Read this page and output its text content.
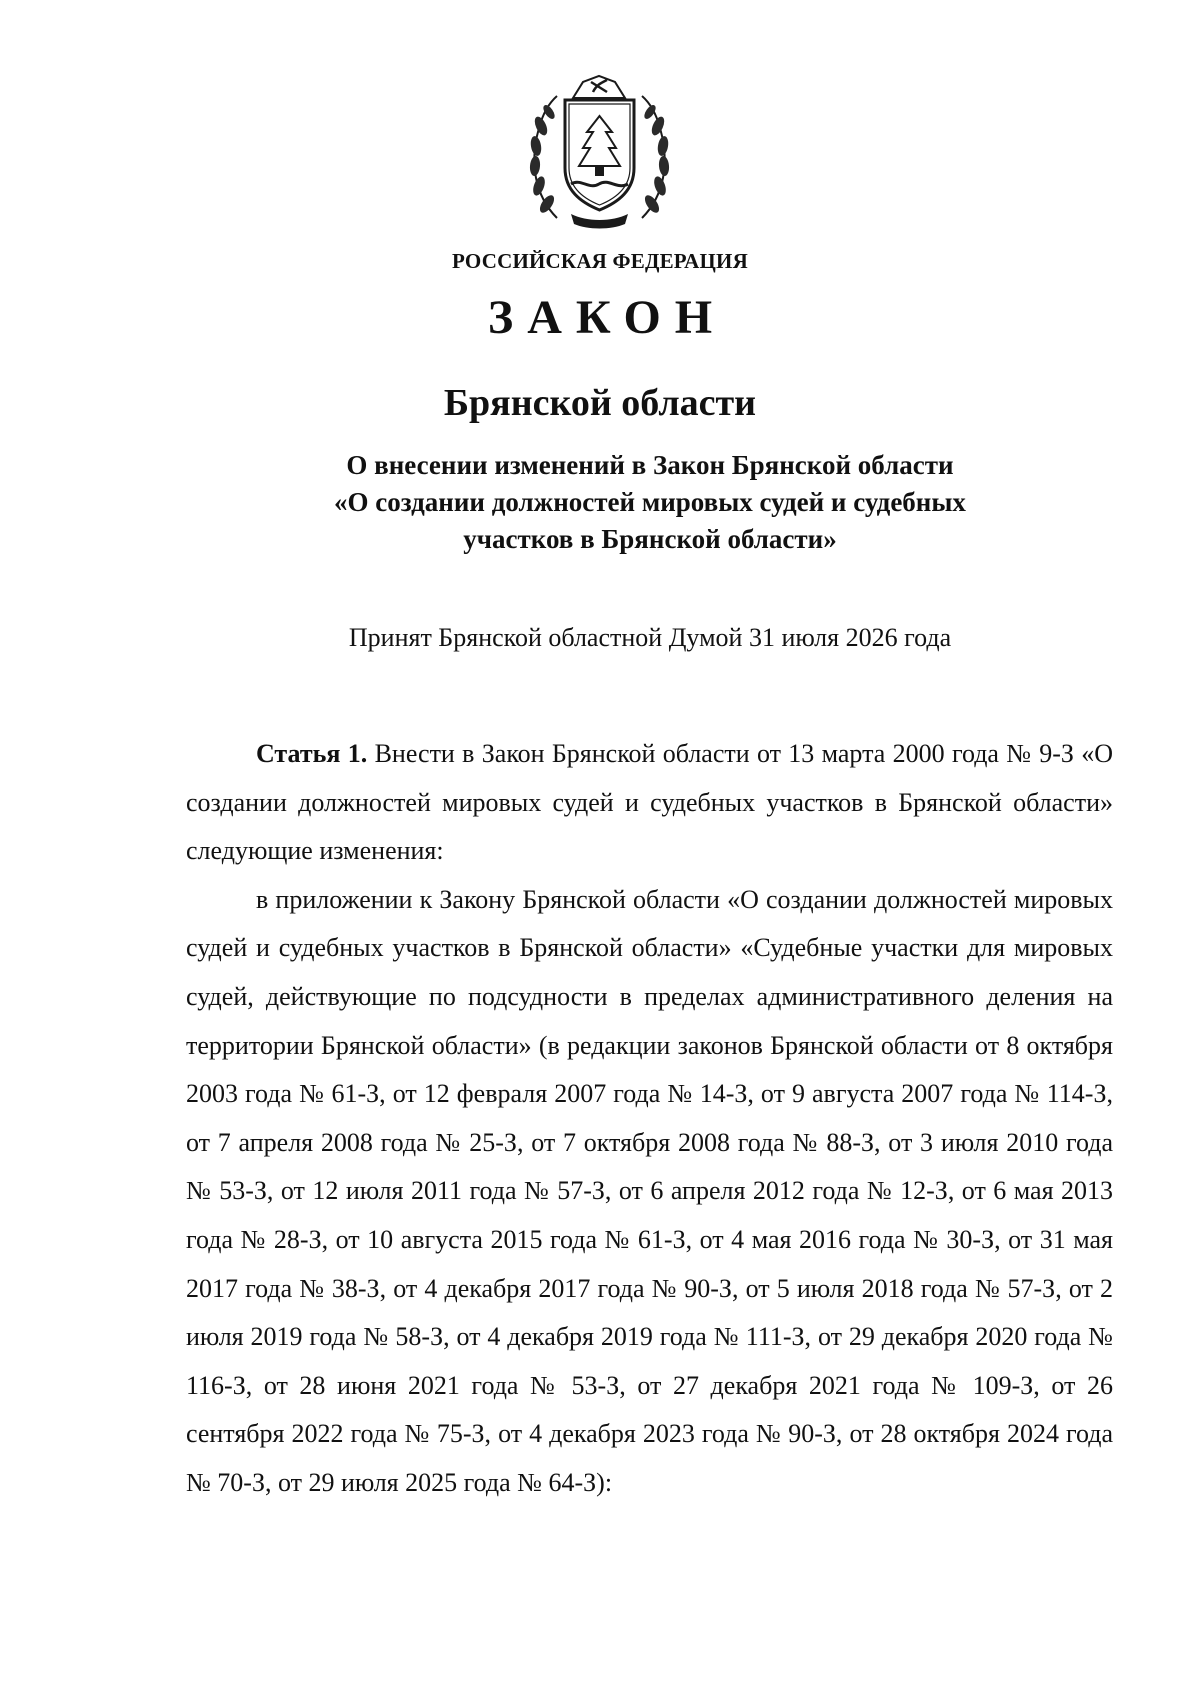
РОССИЙСКАЯ ФЕДЕРАЦИЯ
ЗАКОН
Брянской области
О внесении изменений в Закон Брянской области
«О создании должностей мировых судей и судебных
участков в Брянской области»
Принят Брянской областной Думой 31 июля 2026 года

Статья 1. Внести в Закон Брянской области от 13 марта 2000 года № 9-З «О создании должностей мировых судей и судебных участков в Брянской области» следующие изменения:

в приложении к Закону Брянской области «О создании должностей мировых судей и судебных участков в Брянской области» «Судебные участки для мировых судей, действующие по подсудности в пределах административного деления на территории Брянской области» (в редакции законов Брянской области от 8 октября 2003 года № 61-З, от 12 февраля 2007 года № 14-З, от 9 августа 2007 года № 114-З, от 7 апреля 2008 года № 25-З, от 7 октября 2008 года № 88-З, от 3 июля 2010 года № 53-З, от 12 июля 2011 года № 57-З, от 6 апреля 2012 года № 12-З, от 6 мая 2013 года № 28-З, от 10 августа 2015 года № 61-З, от 4 мая 2016 года № 30-З, от 31 мая 2017 года № 38-З, от 4 декабря 2017 года № 90-З, от 5 июля 2018 года № 57-З, от 2 июля 2019 года № 58-З, от 4 декабря 2019 года № 111-З, от 29 декабря 2020 года № 116-З, от 28 июня 2021 года № 53-З, от 27 декабря 2021 года № 109-З, от 26 сентября 2022 года № 75-З, от 4 декабря 2023 года № 90-З, от 28 октября 2024 года № 70-З, от 29 июля 2025 года № 64-З):
